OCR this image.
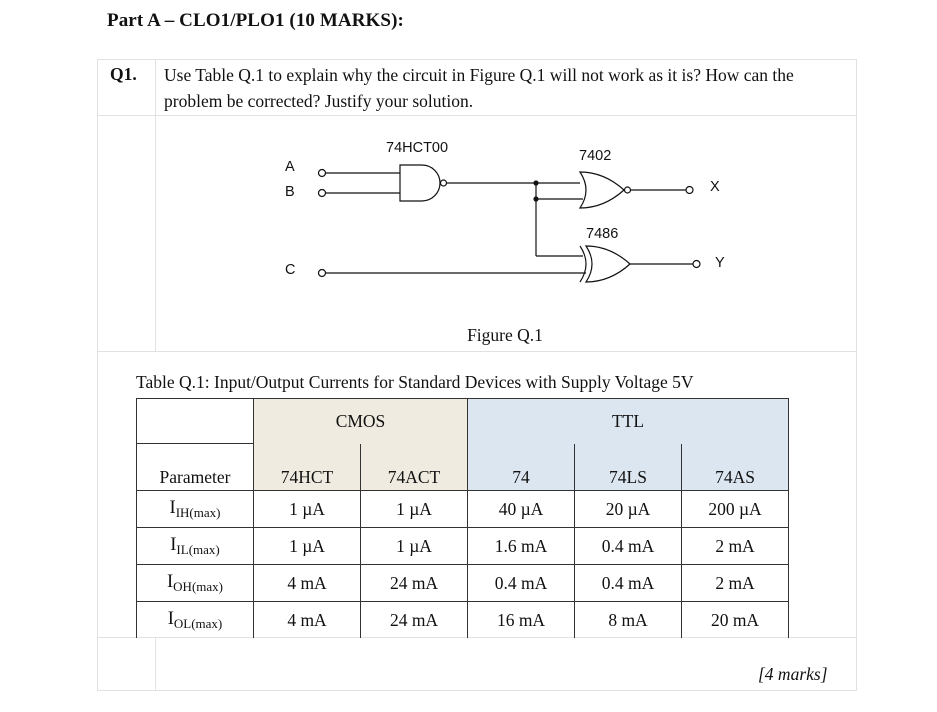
Part A – CLO1/PLO1 (10 MARKS):
Q1. Use Table Q.1 to explain why the circuit in Figure Q.1 will not work as it is? How can the problem be corrected? Justify your solution.
A
B
C
74HCT00	7402
7486
X
Y
Figure Q.1
Table Q.1: Input/Output Currents for Standard Devices with Supply Voltage 5V
	CMOS		TTL		
Parameter	74HCT	74ACT	74	74LS	74AS
$I_{IH(max)}$	1 µA	1 µA	40 µA	20 µA	200 µA
$I_{IL(max)}$	1 µA	1 µA	1.6 mA	0.4 mA	2 mA
$I_{OH(max)}$	4 mA	24 mA	0.4 mA	0.4 mA	2 mA
$I_{OL(max)}$	4 mA	24 mA	16 mA	8 mA	20 mA
[4 marks]
